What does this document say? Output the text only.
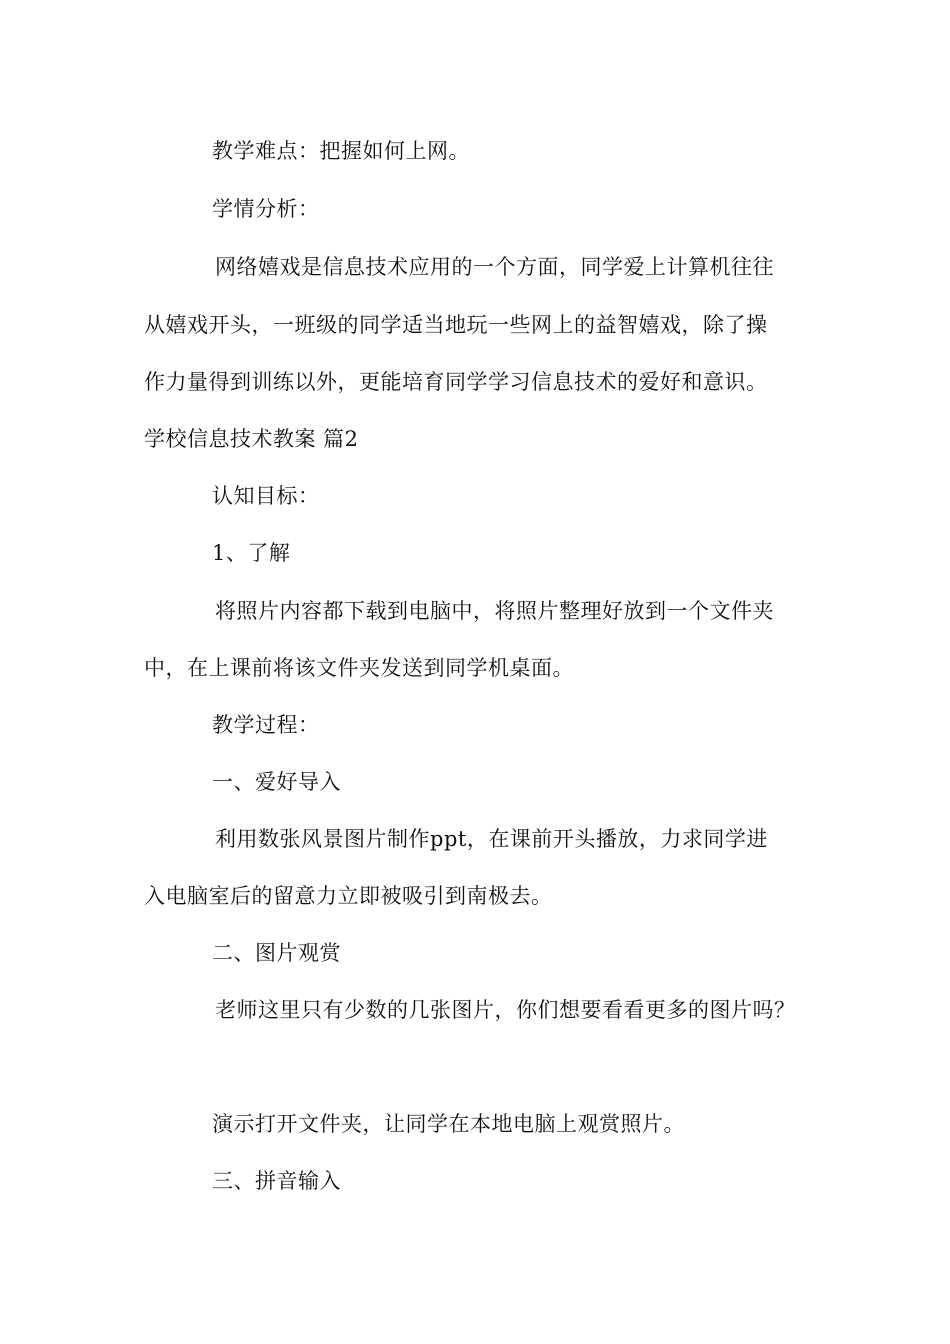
教学难点：把握如何上网。
学情分析：
网络嬉戏是信息技术应用的一个方面，同学爱上计算机往往
从嬉戏开头，一班级的同学适当地玩一些网上的益智嬉戏，除了操
作力量得到训练以外，更能培育同学学习信息技术的爱好和意识。
学校信息技术教案 篇2
认知目标：
1、了解
将照片内容都下载到电脑中，将照片整理好放到一个文件夹
中，在上课前将该文件夹发送到同学机桌面。
教学过程：
一、爱好导入
利用数张风景图片制作ppt，在课前开头播放，力求同学进
入电脑室后的留意力立即被吸引到南极去。
二、图片观赏
老师这里只有少数的几张图片，你们想要看看更多的图片吗？
演示打开文件夹，让同学在本地电脑上观赏照片。
三、拼音输入
